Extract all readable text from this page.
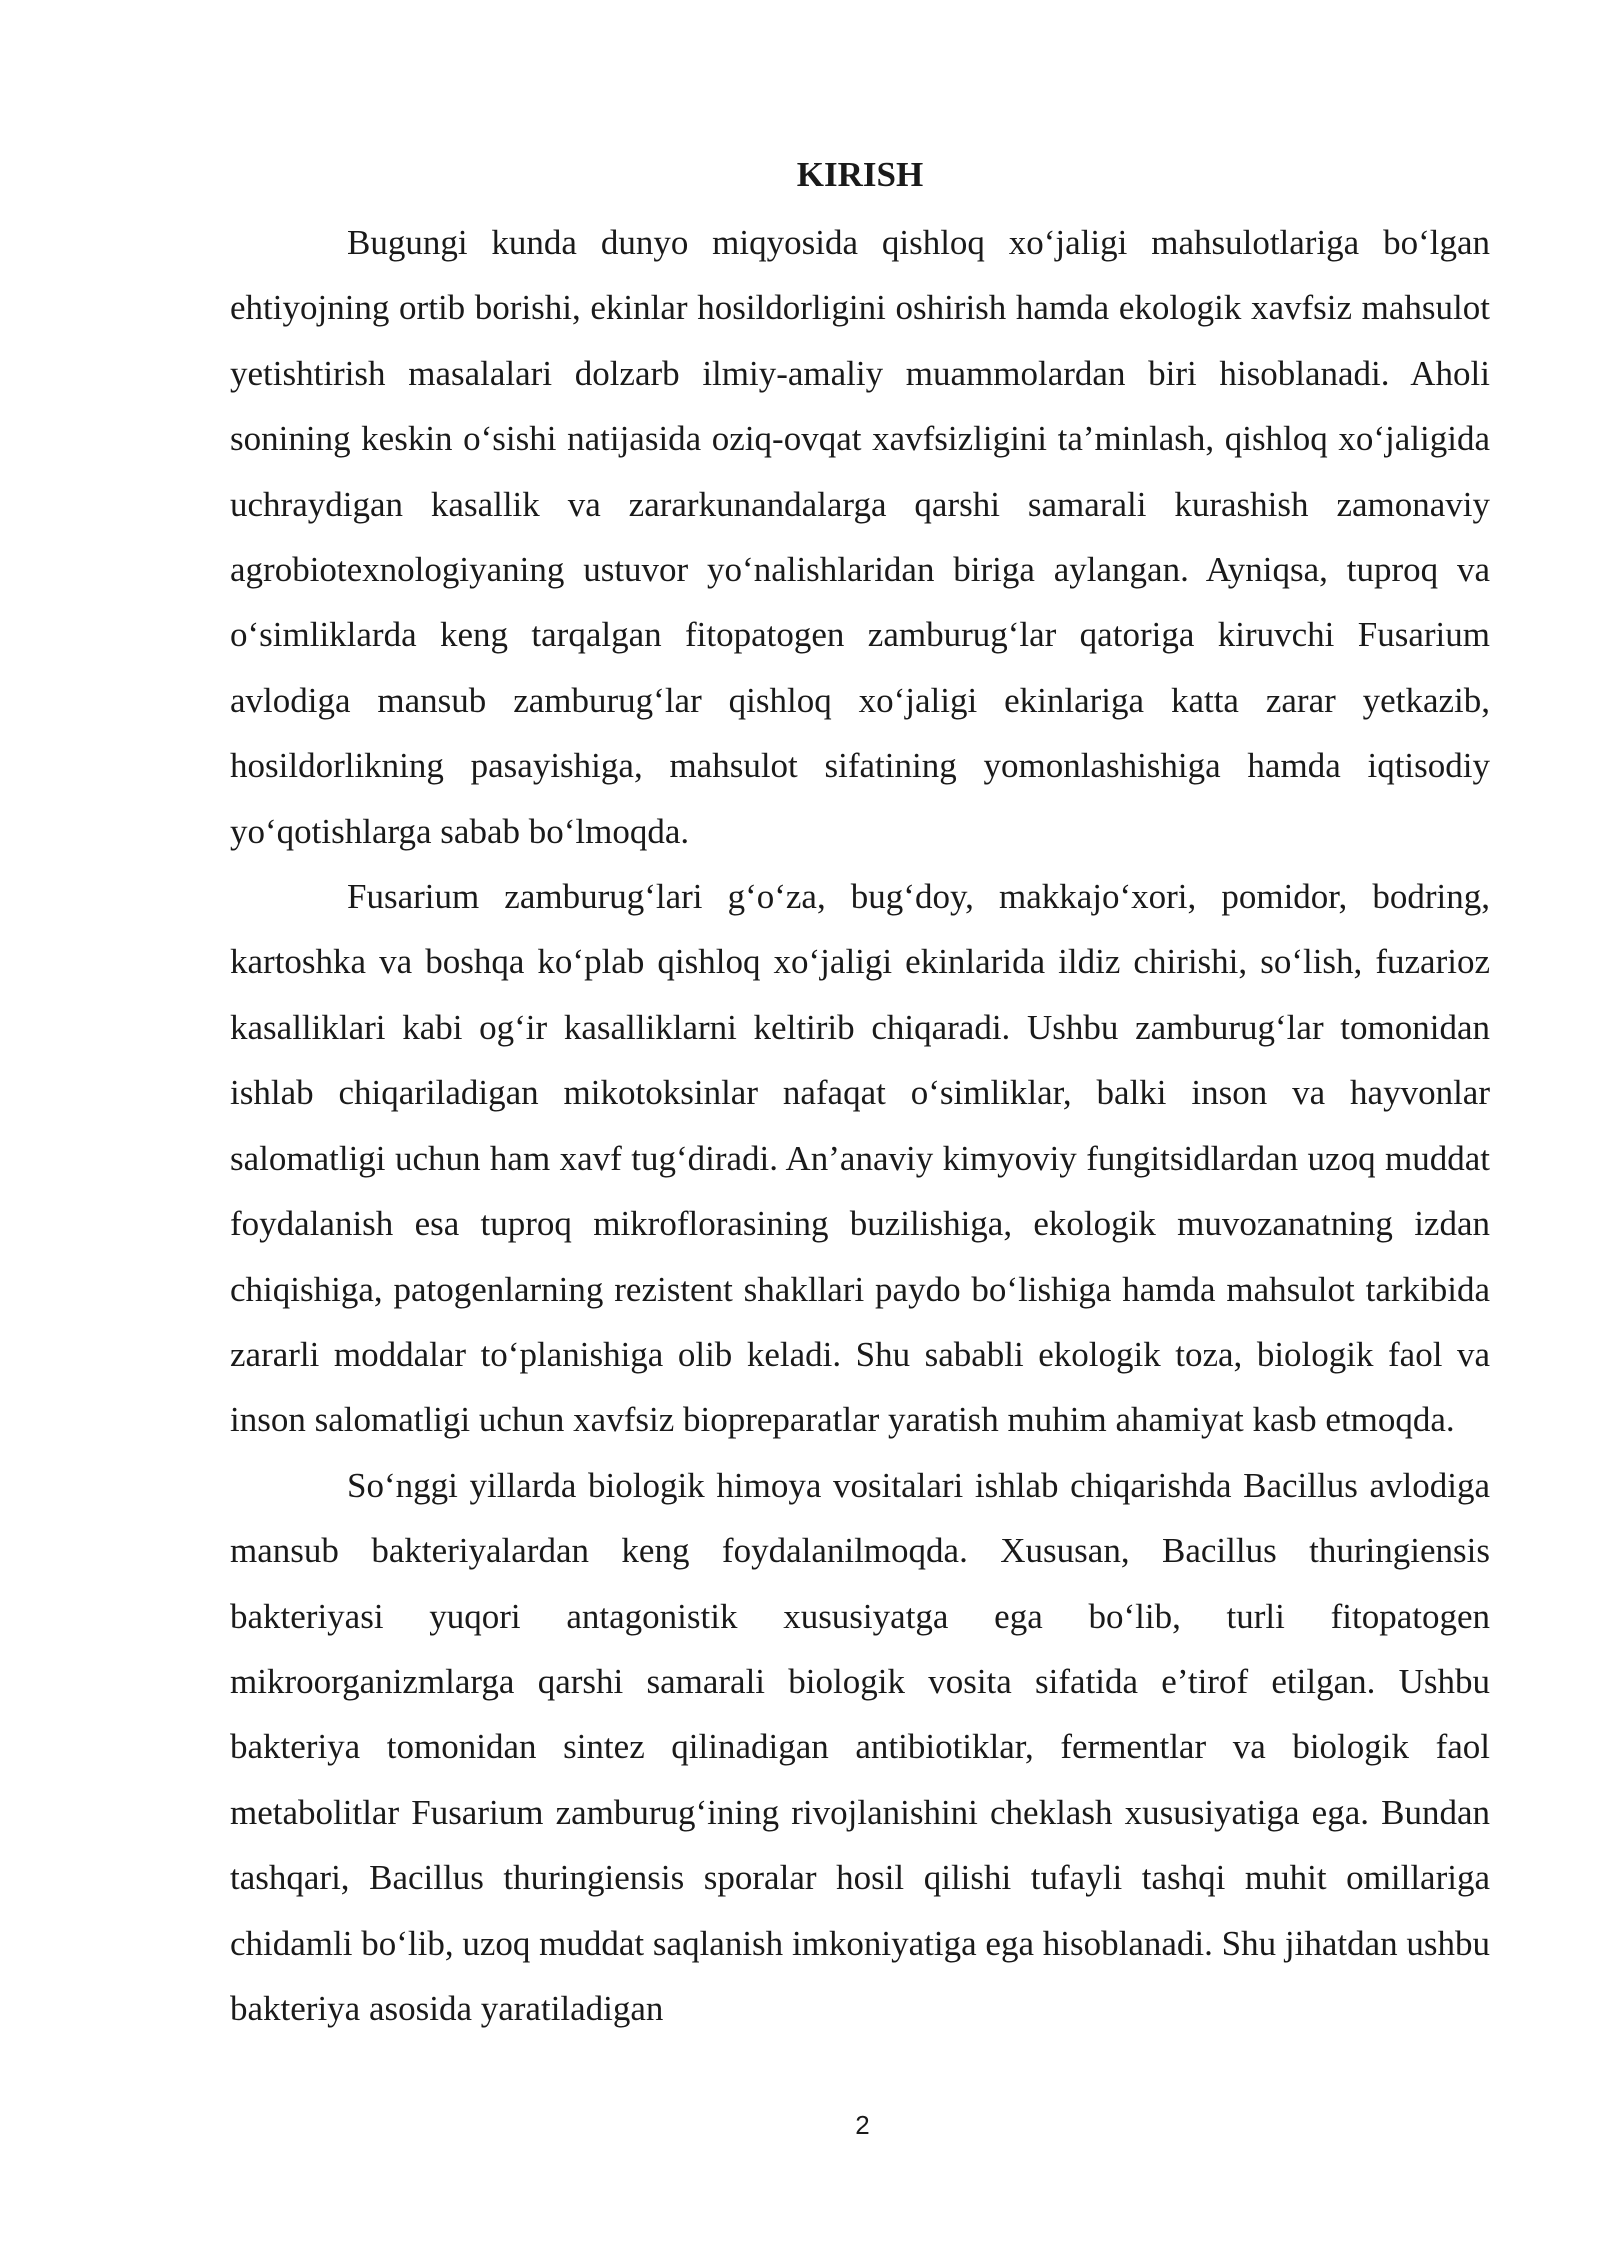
KIRISH

Bugungi kunda dunyo miqyosida qishloq xo‘jaligi mahsulotlariga bo‘lgan ehtiyojning ortib borishi, ekinlar hosildorligini oshirish hamda ekologik xavfsiz mahsulot yetishtirish masalalari dolzarb ilmiy-amaliy muammolardan biri hisoblanadi. Aholi sonining keskin o‘sishi natijasida oziq-ovqat xavfsizligini ta’minlash, qishloq xo‘jaligida uchraydigan kasallik va zararkunandalarga qarshi samarali kurashish zamonaviy agrobiotexnologiyaning ustuvor yo‘nalishlaridan biriga aylangan. Ayniqsa, tuproq va o‘simliklarda keng tarqalgan fitopatogen zamburug‘lar qatoriga kiruvchi Fusarium avlodiga mansub zamburug‘lar qishloq xo‘jaligi ekinlariga katta zarar yetkazib, hosildorlikning pasayishiga, mahsulot sifatining yomonlashishiga hamda iqtisodiy yo‘qotishlarga sabab bo‘lmoqda.

Fusarium zamburug‘lari g‘o‘za, bug‘doy, makkajo‘xori, pomidor, bodring, kartoshka va boshqa ko‘plab qishloq xo‘jaligi ekinlarida ildiz chirishi, so‘lish, fuzarioz kasalliklari kabi og‘ir kasalliklarni keltirib chiqaradi. Ushbu zamburug‘lar tomonidan ishlab chiqariladigan mikotoksinlar nafaqat o‘simliklar, balki inson va hayvonlar salomatligi uchun ham xavf tug‘diradi. An’anaviy kimyoviy fungitsidlardan uzoq muddat foydalanish esa tuproq mikroflorasining buzilishiga, ekologik muvozanatning izdan chiqishiga, patogenlarning rezistent shakllari paydo bo‘lishiga hamda mahsulot tarkibida zararli moddalar to‘planishiga olib keladi. Shu sababli ekologik toza, biologik faol va inson salomatligi uchun xavfsiz biopreparatlar yaratish muhim ahamiyat kasb etmoqda.

So‘nggi yillarda biologik himoya vositalari ishlab chiqarishda Bacillus avlodiga mansub bakteriyalardan keng foydalanilmoqda. Xususan, Bacillus thuringiensis bakteriyasi yuqori antagonistik xususiyatga ega bo‘lib, turli fitopatogen mikroorganizmlarga qarshi samarali biologik vosita sifatida e’tirof etilgan. Ushbu bakteriya tomonidan sintez qilinadigan antibiotiklar, fermentlar va biologik faol metabolitlar Fusarium zamburug‘ining rivojlanishini cheklash xususiyatiga ega. Bundan tashqari, Bacillus thuringiensis sporalar hosil qilishi tufayli tashqi muhit omillariga chidamli bo‘lib, uzoq muddat saqlanish imkoniyatiga ega hisoblanadi. Shu jihatdan ushbu bakteriya asosida yaratiladigan

2
